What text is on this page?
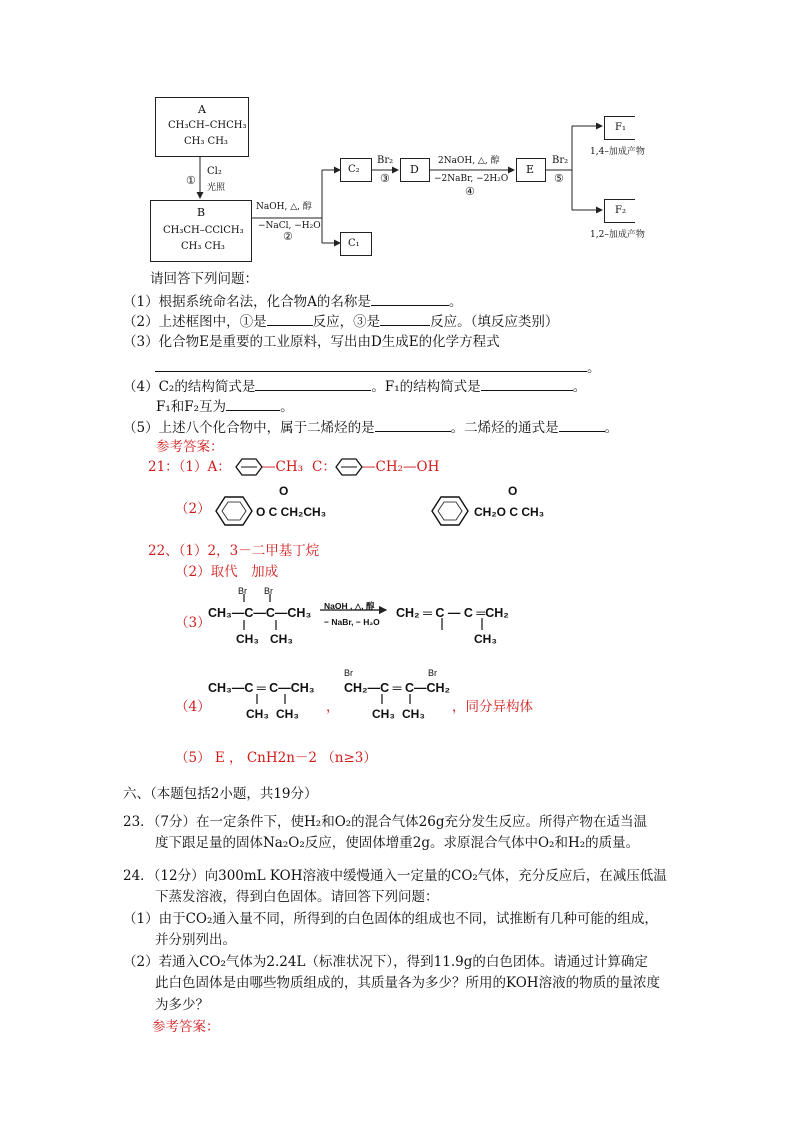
A
CH₃CH–CHCH₃
CH₃ CH₃
B
CH₃CH–CClCH₃
CH₃ CH₃
①
Cl₂
光照
NaOH, △, 醇
−NaCl, −H₂O
②
C₂
C₁
Br₂
③
D
2NaOH, △, 醇
−2NaBr, −2H₂O
④
E
Br₂
⑤
F₁
1,4–加成产物
F₂
1,2–加成产物
请回答下列问题：
（1）根据系统命名法，化合物A的名称是	。
（2）上述框图中，①是	反应，③是	反应。（填反应类别）
（3）化合物E是重要的工业原料，写出由D生成E的化学方程式
。
（4）C₂的结构简式是	。F₁的结构简式是	。
F₁和F₂互为	。
（5）上述八个化合物中，属于二烯烃的是	。二烯烃的通式是	。
参考答案：
21：（1）A： —CH₃ C： —CH₂—OH
（2）
O
O C CH₂CH₃
O
CH₂O C CH₃
22、（1）2，3－二甲基丁烷
（2）取代　加成
（3）
Br Br
CH₃—C—C—CH₃
CH₃ CH₃
NaOH , △, 醇
− NaBr, − H₂O
CH₂ ═ C — C ═CH₂
CH₃
（4）
CH₃—C ═ C—CH₃
CH₃ CH₃ ，
Br	Br
CH₂—C ═ C—CH₂
CH₃ CH₃ ，同分异构体
（5） E ， CnH2n－2 （n≥3）
六、（本题包括2小题，共19分）
23．（7分）在一定条件下，使H₂和O₂的混合气体26g充分发生反应。所得产物在适当温
度下跟足量的固体Na₂O₂反应，使固体增重2g。求原混合气体中O₂和H₂的质量。
24．（12分）向300mL KOH溶液中缓慢通入一定量的CO₂气体，充分反应后，在减压低温
下蒸发溶液，得到白色固体。请回答下列问题：
（1）由于CO₂通入量不同，所得到的白色固体的组成也不同，试推断有几种可能的组成，
并分别列出。
（2）若通入CO₂气体为2.24L（标准状况下），得到11.9g的白色团体。请通过计算确定
此白色固体是由哪些物质组成的，其质量各为多少？所用的KOH溶液的物质的量浓度
为多少？
参考答案：
